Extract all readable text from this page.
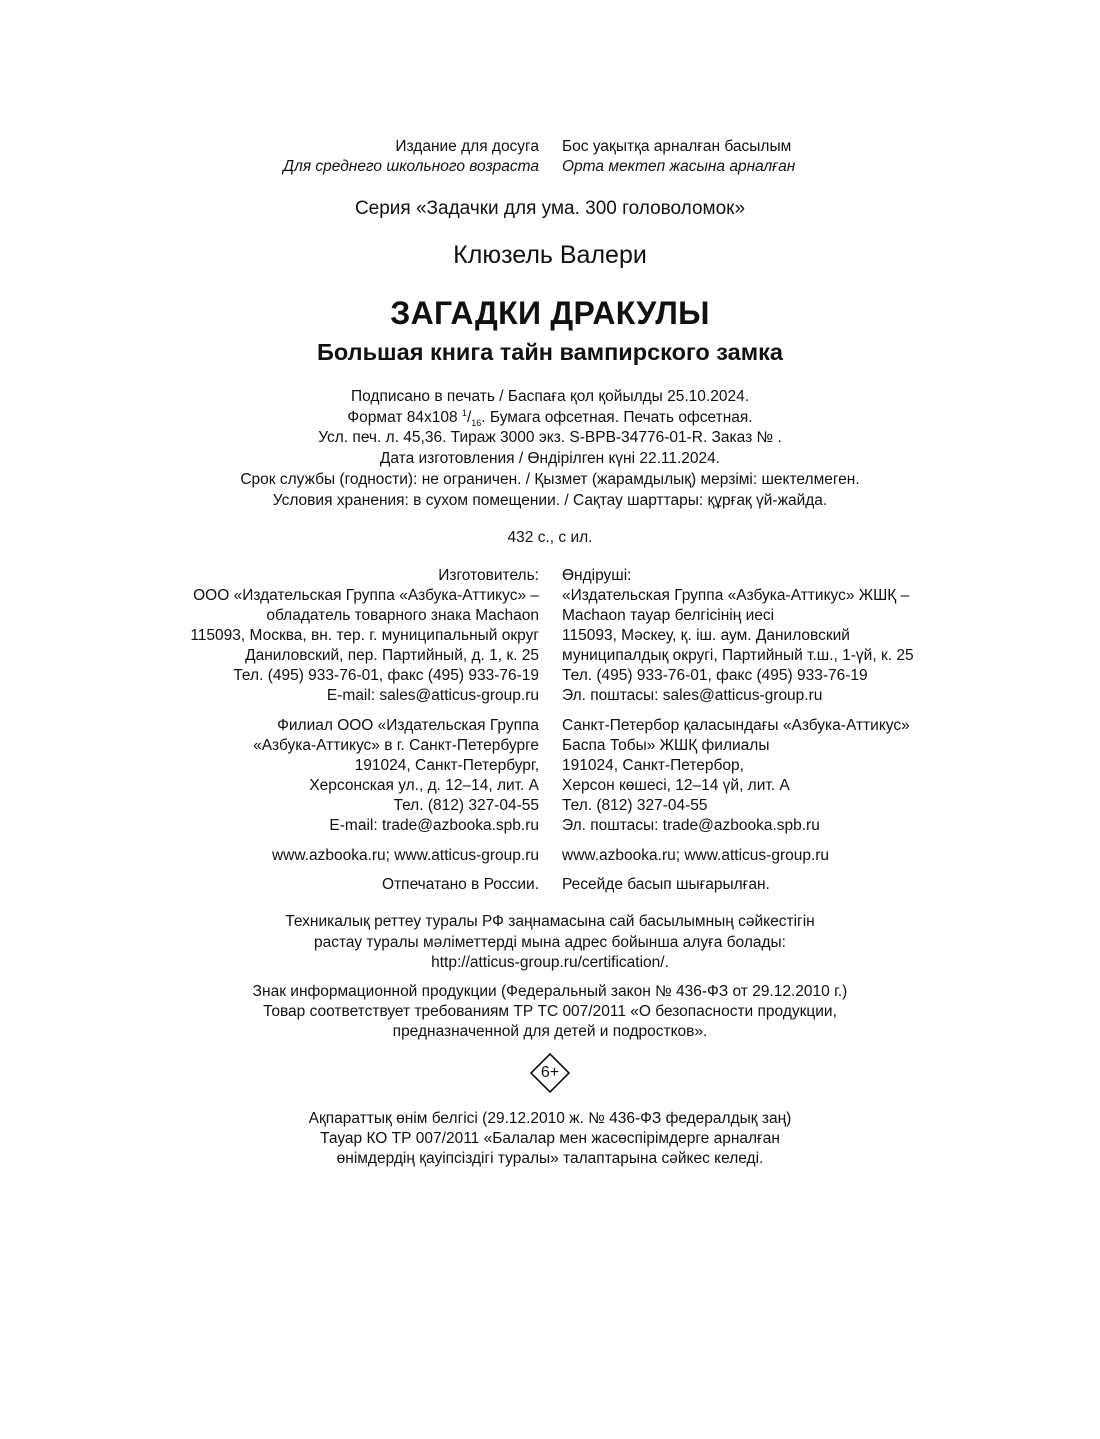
Издание для досуга Бос уақытқа арналған басылым
Для среднего школьного возраста Орта мектеп жасына арналған
Серия «Задачки для ума. 300 головоломок»
Клюзель Валери
ЗАГАДКИ ДРАКУЛЫ
Большая книга тайн вампирского замка
Подписано в печать / Баспаға қол қойылды 25.10.2024.
Формат 84x108 $^1/_{16}$. Бумага офсетная. Печать офсетная.
Усл. печ. л. 45,36. Тираж 3000 экз. S-BPB-34776-01-R. Заказ № .
Дата изготовления / Өндірілген күні 22.11.2024.
Срок службы (годности): не ограничен. / Қызмет (жарамдылық) мерзімі: шектелмеген.
Условия хранения: в сухом помещении. / Сақтау шарттары: құрғақ үй-жайда.
432 с., с ил.
Изготовитель: Өндіруші:
ООО «Издательская Группа «Азбука-Аттикус» – «Издательская Группа «Азбука-Аттикус» ЖШҚ –
обладатель товарного знака Machaon Machaon тауар белгісінің иесі
115093, Москва, вн. тер. г. муниципальный округ 115093, Мәскеу, қ. іш. аум. Даниловский
Даниловский, пер. Партийный, д. 1, к. 25 муниципалдық округі, Партийный т.ш., 1-үй, к. 25
Тел. (495) 933-76-01, факс (495) 933-76-19 Тел. (495) 933-76-01, факс (495) 933-76-19
E-mail: sales@atticus-group.ru Эл. поштасы: sales@atticus-group.ru
Филиал ООО «Издательская Группа Санкт-Петербор қаласындағы «Азбука-Аттикус»
«Азбука-Аттикус» в г. Санкт-Петербурге Баспа Тобы» ЖШҚ филиалы
191024, Санкт-Петербург, 191024, Санкт-Петербор,
Херсонская ул., д. 12–14, лит. А Херсон көшесі, 12–14 үй, лит. А
Тел. (812) 327-04-55 Тел. (812) 327-04-55
E-mail: trade@azbooka.spb.ru Эл. поштасы: trade@azbooka.spb.ru
www.azbooka.ru; www.atticus-group.ru www.azbooka.ru; www.atticus-group.ru
Отпечатано в России. Ресейде басып шығарылған.
Техникалық реттеу туралы РФ заңнамасына сай басылымның сәйкестігін
растау туралы мәліметтерді мына адрес бойынша алуға болады:
http://atticus-group.ru/certification/.
Знак информационной продукции (Федеральный закон № 436-ФЗ от 29.12.2010 г.)
Товар соответствует требованиям ТР ТС 007/2011 «О безопасности продукции,
предназначенной для детей и подростков».
6+
Ақпараттық өнім белгісі (29.12.2010 ж. № 436-ФЗ федералдық заң)
Тауар КО ТР 007/2011 «Балалар мен жасөспірімдерге арналған
өнімдердің қауіпсіздігі туралы» талаптарына сәйкес келеді.
